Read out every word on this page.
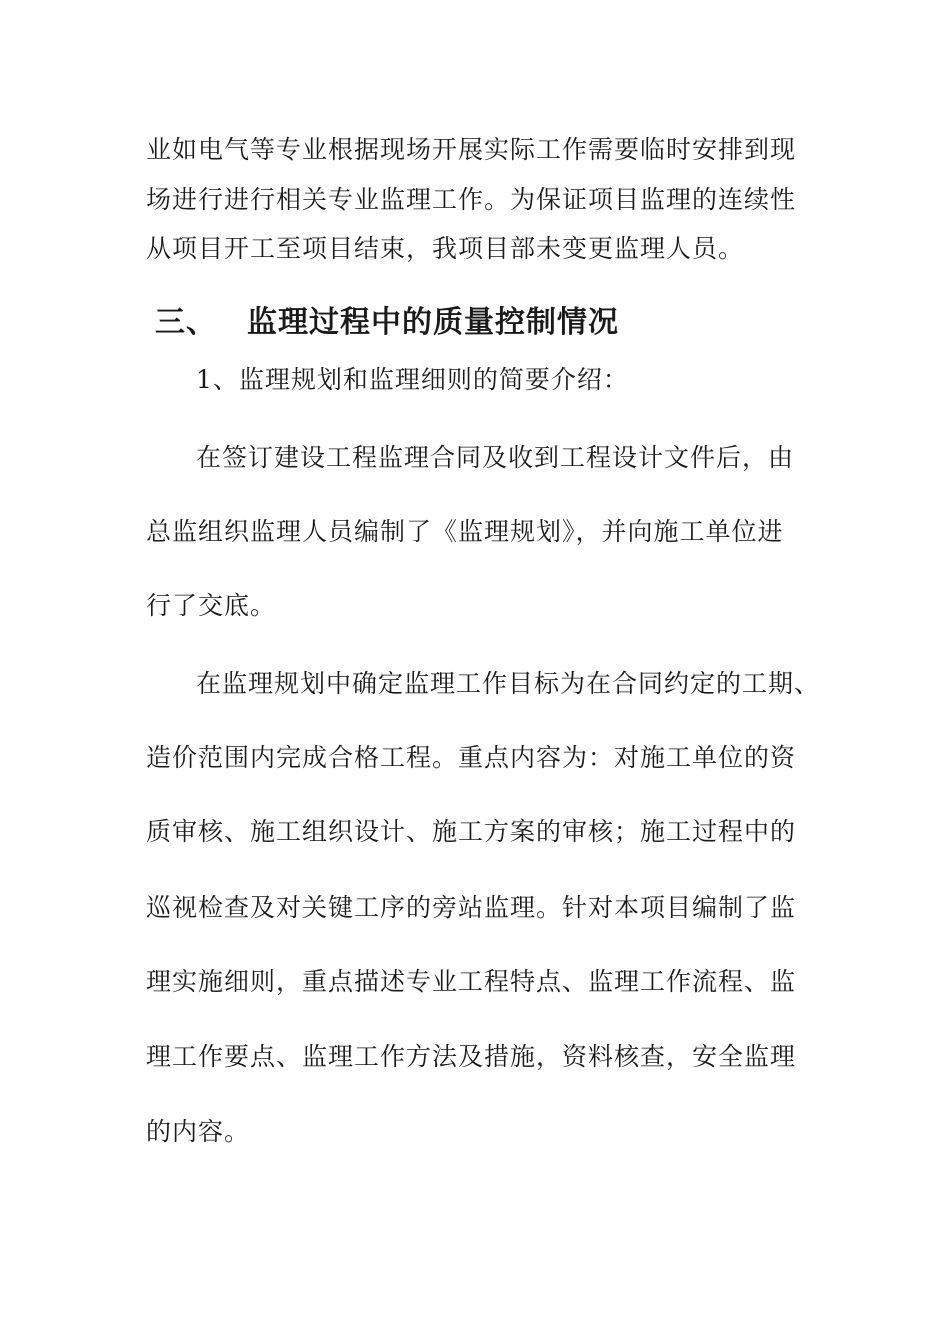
业如电气等专业根据现场开展实际工作需要临时安排到现
场进行进行相关专业监理工作。为保证项目监理的连续性
从项目开工至项目结束，我项目部未变更监理人员。
三、 监理过程中的质量控制情况
1、监理规划和监理细则的简要介绍：
在签订建设工程监理合同及收到工程设计文件后，由
总监组织监理人员编制了《监理规划》，并向施工单位进
行了交底。
在监理规划中确定监理工作目标为在合同约定的工期、
造价范围内完成合格工程。重点内容为：对施工单位的资
质审核、施工组织设计、施工方案的审核；施工过程中的
巡视检查及对关键工序的旁站监理。针对本项目编制了监
理实施细则，重点描述专业工程特点、监理工作流程、监
理工作要点、监理工作方法及措施，资料核查，安全监理
的内容。
